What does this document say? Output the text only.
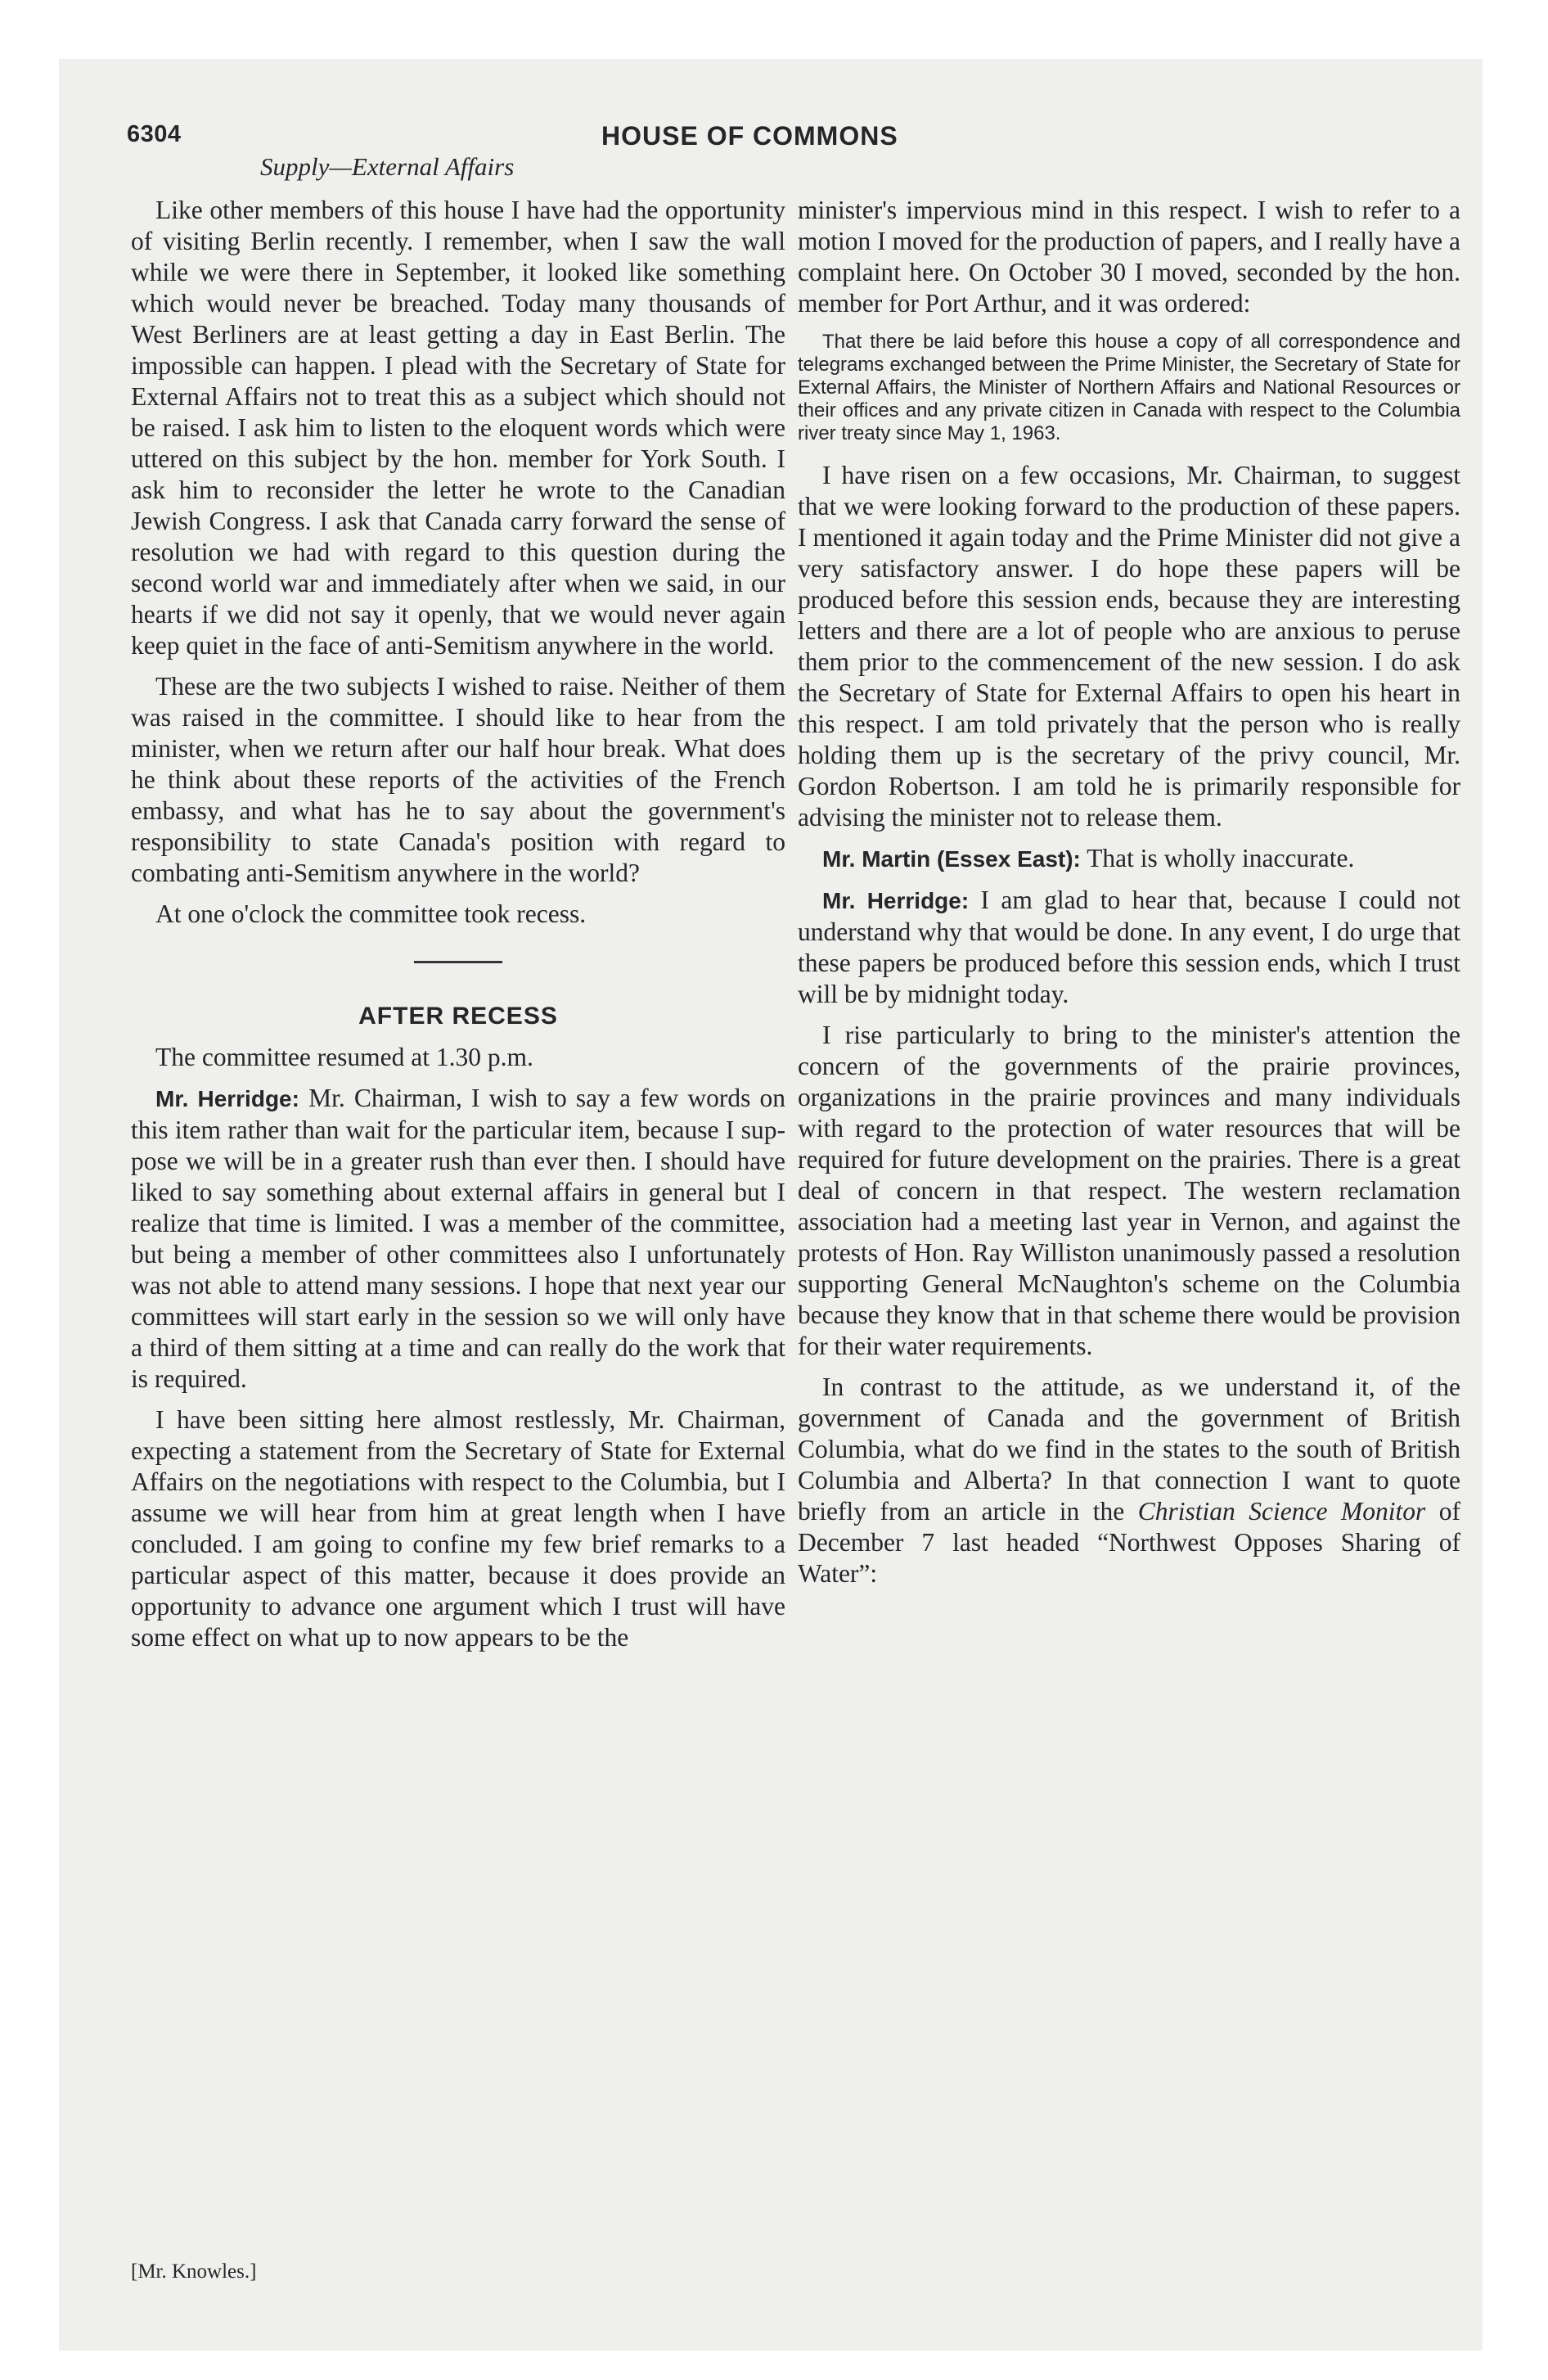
6304	HOUSE OF COMMONS
Supply—External Affairs

Like other members of this house I have had the opportunity of visiting Berlin recently. I remember, when I saw the wall while we were there in September, it looked like something which would never be breached. Today many thousands of West Berliners are at least getting a day in East Berlin. The impossible can happen. I plead with the Secretary of State for External Affairs not to treat this as a subject which should not be raised. I ask him to listen to the eloquent words which were uttered on this subject by the hon. member for York South. I ask him to reconsider the letter he wrote to the Canadian Jewish Congress. I ask that Canada carry forward the sense of resolution we had with regard to this question during the second world war and immediately after when we said, in our hearts if we did not say it openly, that we would never again keep quiet in the face of anti-Semitism anywhere in the world.

These are the two subjects I wished to raise. Neither of them was raised in the committee. I should like to hear from the minister, when we return after our half hour break. What does he think about these reports of the activities of the French embassy, and what has he to say about the government's responsibility to state Canada's position with regard to combating anti-Semitism anywhere in the world?

At one o'clock the committee took recess.

AFTER RECESS

The committee resumed at 1.30 p.m.

Mr. Herridge: Mr. Chairman, I wish to say a few words on this item rather than wait for the particular item, because I suppose we will be in a greater rush than ever then. I should have liked to say something about external affairs in general but I realize that time is limited. I was a member of the committee, but being a member of other committees also I unfortunately was not able to attend many sessions. I hope that next year our committees will start early in the session so we will only have a third of them sitting at a time and can really do the work that is required.

I have been sitting here almost restlessly, Mr. Chairman, expecting a statement from the Secretary of State for External Affairs on the negotiations with respect to the Columbia, but I assume we will hear from him at great length when I have concluded. I am going to confine my few brief remarks to a particular aspect of this matter, because it does provide an opportunity to advance one argument which I trust will have some effect on what up to now appears to be the

minister's impervious mind in this respect. I wish to refer to a motion I moved for the production of papers, and I really have a complaint here. On October 30 I moved, seconded by the hon. member for Port Arthur, and it was ordered:

That there be laid before this house a copy of all correspondence and telegrams exchanged between the Prime Minister, the Secretary of State for External Affairs, the Minister of Northern Affairs and National Resources or their offices and any private citizen in Canada with respect to the Columbia river treaty since May 1, 1963.

I have risen on a few occasions, Mr. Chairman, to suggest that we were looking forward to the production of these papers. I mentioned it again today and the Prime Minister did not give a very satisfactory answer. I do hope these papers will be produced before this session ends, because they are interesting letters and there are a lot of people who are anxious to peruse them prior to the commencement of the new session. I do ask the Secretary of State for External Affairs to open his heart in this respect. I am told privately that the person who is really holding them up is the secretary of the privy council, Mr. Gordon Robertson. I am told he is primarily responsible for advising the minister not to release them.

Mr. Martin (Essex East): That is wholly inaccurate.

Mr. Herridge: I am glad to hear that, because I could not understand why that would be done. In any event, I do urge that these papers be produced before this session ends, which I trust will be by midnight today.

I rise particularly to bring to the minister's attention the concern of the governments of the prairie provinces, organizations in the prairie provinces and many individuals with regard to the protection of water resources that will be required for future development on the prairies. There is a great deal of concern in that respect. The western reclamation association had a meeting last year in Vernon, and against the protests of Hon. Ray Williston unanimously passed a resolution supporting General McNaughton's scheme on the Columbia because they know that in that scheme there would be provision for their water requirements.

In contrast to the attitude, as we understand it, of the government of Canada and the government of British Columbia, what do we find in the states to the south of British Columbia and Alberta? In that connection I want to quote briefly from an article in the Christian Science Monitor of December 7 last headed “Northwest Opposes Sharing of Water”:

[Mr. Knowles.]
